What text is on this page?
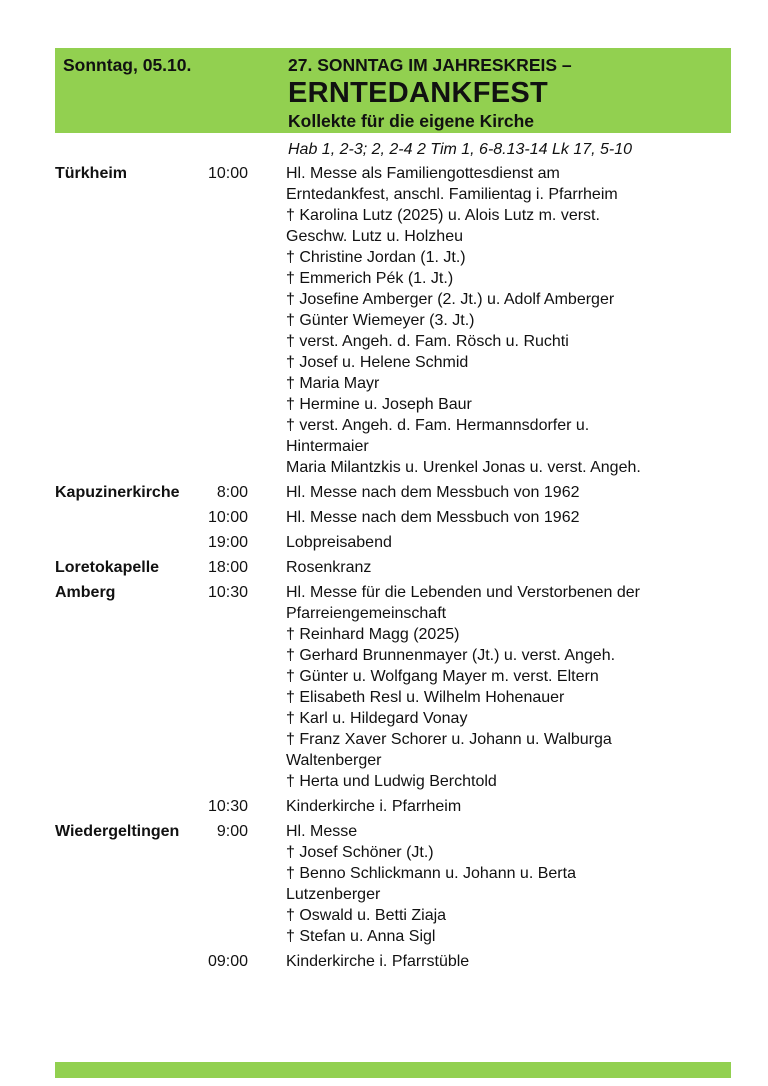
Sonntag, 05.10.	27. SONNTAG IM JAHRESKREIS –
ERNTEDANKFEST
Kollekte für die eigene Kirche
Hab 1, 2-3; 2, 2-4 2 Tim 1, 6-8.13-14 Lk 17, 5-10
Türkheim	10:00 Hl. Messe als Familiengottesdienst am
Erntedankfest, anschl. Familientag i. Pfarrheim
† Karolina Lutz (2025) u. Alois Lutz m. verst.
Geschw. Lutz u. Holzheu
† Christine Jordan (1. Jt.)
† Emmerich Pék (1. Jt.)
† Josefine Amberger (2. Jt.) u. Adolf Amberger
† Günter Wiemeyer (3. Jt.)
† verst. Angeh. d. Fam. Rösch u. Ruchti
† Josef u. Helene Schmid
† Maria Mayr
† Hermine u. Joseph Baur
† verst. Angeh. d. Fam. Hermannsdorfer u.
Hintermaier
Maria Milantzkis u. Urenkel Jonas u. verst. Angeh.
Kapuzinerkirche	8:00 Hl. Messe nach dem Messbuch von 1962
10:00 Hl. Messe nach dem Messbuch von 1962
19:00 Lobpreisabend
Loretokapelle	18:00 Rosenkranz
Amberg	10:30 Hl. Messe für die Lebenden und Verstorbenen der
Pfarreiengemeinschaft
† Reinhard Magg (2025)
† Gerhard Brunnenmayer (Jt.) u. verst. Angeh.
† Günter u. Wolfgang Mayer m. verst. Eltern
† Elisabeth Resl u. Wilhelm Hohenauer
† Karl u. Hildegard Vonay
† Franz Xaver Schorer u. Johann u. Walburga
Waltenberger
† Herta und Ludwig Berchtold
10:30 Kinderkirche i. Pfarrheim
Wiedergeltingen	9:00 Hl. Messe
† Josef Schöner (Jt.)
† Benno Schlickmann u. Johann u. Berta
Lutzenberger
† Oswald u. Betti Ziaja
† Stefan u. Anna Sigl
09:00 Kinderkirche i. Pfarrstüble
